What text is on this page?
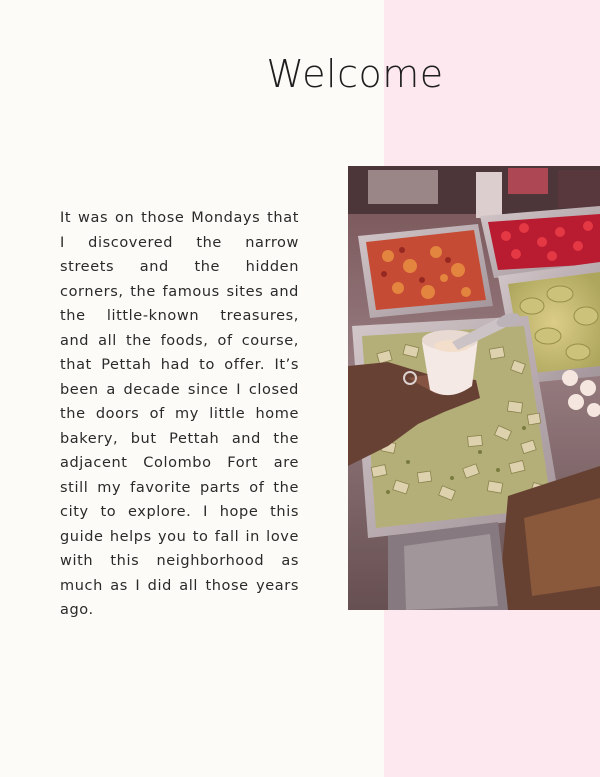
Welcome

It was on those Mondays that I discovered the narrow streets and the hidden corners, the famous sites and the little-known treasures, and all the foods, of course, that Pettah had to offer. It’s been a decade since I closed the doors of my little home bakery, but Pettah and the adjacent Colombo Fort are still my favorite parts of the city to explore. I hope this guide helps you to fall in love with this neighborhood as much as I did all those years ago.
